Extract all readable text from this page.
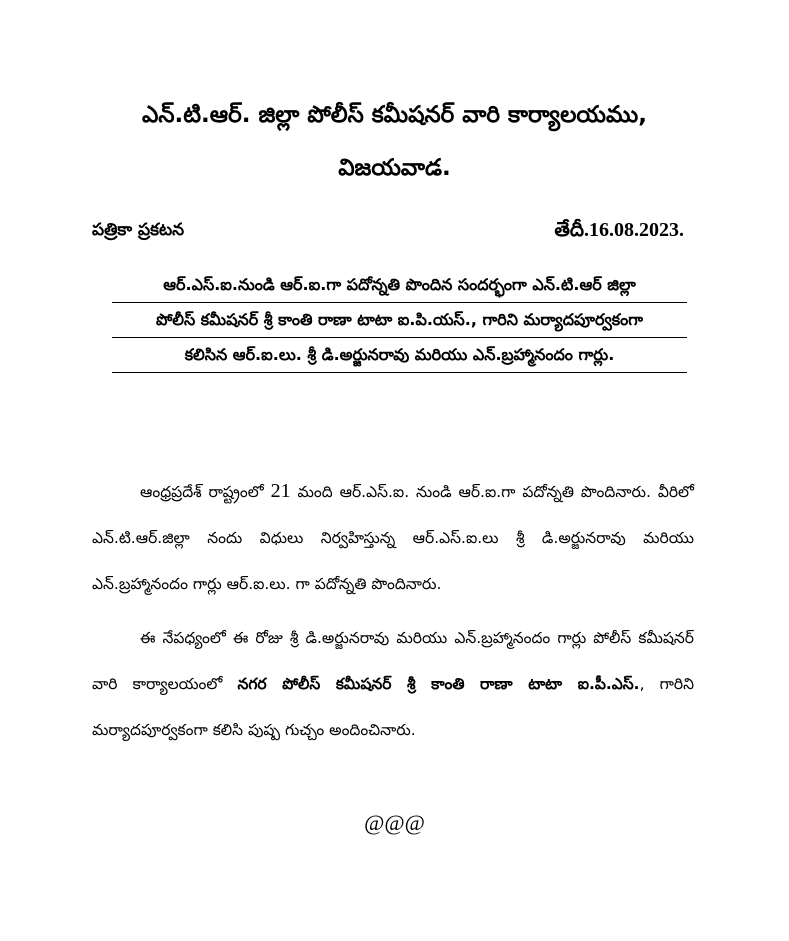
ఎన్.టి.ఆర్. జిల్లా పోలీస్ కమీషనర్ వారి కార్యాలయము,
విజయవాడ.
పత్రికా ప్రకటన	తేదీ.16.08.2023.
ఆర్.ఎస్.ఐ.నుండి ఆర్.ఐ.గా పదోన్నతి పొందిన సందర్భంగా ఎన్.టి.ఆర్ జిల్లా
పోలీస్ కమీషనర్ శ్రీ కాంతి రాణా టాటా ఐ.పి.యస్., గారిని మర్యాదపూర్వకంగా
కలిసిన ఆర్.ఐ.లు. శ్రీ డి.అర్జునరావు మరియు ఎన్.బ్రహ్మానందం గార్లు.

ఆంధ్రప్రదేశ్ రాష్ట్రంలో 21 మంది ఆర్.ఎస్.ఐ. నుండి ఆర్.ఐ.గా పదోన్నతి పొందినారు. వీరిలో ఎన్.టి.ఆర్.జిల్లా నందు విధులు నిర్వహిస్తున్న ఆర్.ఎస్.ఐ.లు శ్రీ డి.అర్జునరావు మరియు ఎన్.బ్రహ్మానందం గార్లు ఆర్.ఐ.లు. గా పదోన్నతి పొందినారు.

ఈ నేపధ్యంలో ఈ రోజు శ్రీ డి.అర్జునరావు మరియు ఎన్.బ్రహ్మానందం గార్లు పోలీస్ కమీషనర్ వారి కార్యాలయంలో నగర పోలీస్ కమీషనర్ శ్రీ కాంతి రాణా టాటా ఐ.పీ.ఎస్., గారిని మర్యాదపూర్వకంగా కలిసి పుష్ప గుచ్చం అందించినారు.

@@@
